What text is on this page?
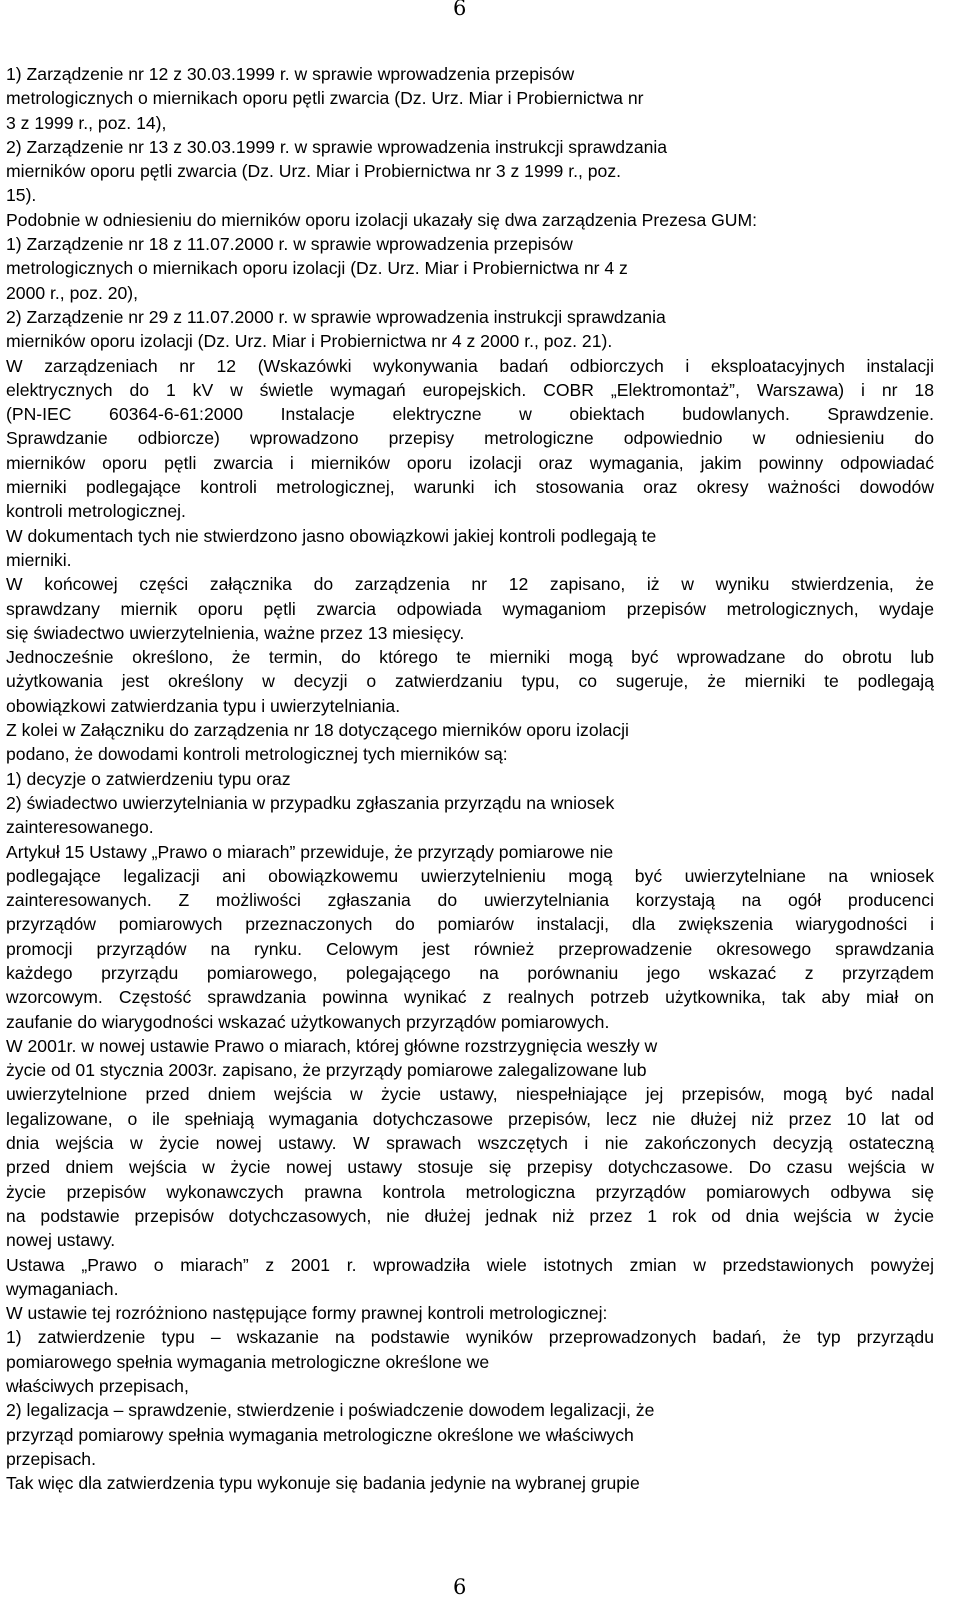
6
1) Zarządzenie nr 12 z 30.03.1999 r. w sprawie wprowadzenia przepisów
metrologicznych o miernikach oporu pętli zwarcia (Dz. Urz. Miar i Probiernictwa nr
3 z 1999 r., poz. 14),
2) Zarządzenie nr 13 z 30.03.1999 r. w sprawie wprowadzenia instrukcji sprawdzania
mierników oporu pętli zwarcia (Dz. Urz. Miar i Probiernictwa nr 3 z 1999 r., poz.
15).
Podobnie w odniesieniu do mierników oporu izolacji ukazały się dwa zarządzenia Prezesa GUM:
1) Zarządzenie nr 18 z 11.07.2000 r. w sprawie wprowadzenia przepisów
metrologicznych o miernikach oporu izolacji (Dz. Urz. Miar i Probiernictwa nr 4 z
2000 r., poz. 20),
2) Zarządzenie nr 29 z 11.07.2000 r. w sprawie wprowadzenia instrukcji sprawdzania
mierników oporu izolacji (Dz. Urz. Miar i Probiernictwa nr 4 z 2000 r., poz. 21).
W zarządzeniach nr 12 (Wskazówki wykonywania badań odbiorczych i eksploatacyjnych instalacji
elektrycznych do 1 kV w świetle wymagań europejskich. COBR „Elektromontaż”, Warszawa) i nr 18
(PN-IEC 60364-6-61:2000 Instalacje elektryczne w obiektach budowlanych. Sprawdzenie.
Sprawdzanie odbiorcze) wprowadzono przepisy metrologiczne odpowiednio w odniesieniu do
mierników oporu pętli zwarcia i mierników oporu izolacji oraz wymagania, jakim powinny odpowiadać
mierniki podlegające kontroli metrologicznej, warunki ich stosowania oraz okresy ważności dowodów
kontroli metrologicznej.
W dokumentach tych nie stwierdzono jasno obowiązkowi jakiej kontroli podlegają te
mierniki.
W końcowej części załącznika do zarządzenia nr 12 zapisano, iż w wyniku stwierdzenia, że
sprawdzany miernik oporu pętli zwarcia odpowiada wymaganiom przepisów metrologicznych, wydaje
się świadectwo uwierzytelnienia, ważne przez 13 miesięcy.
Jednocześnie określono, że termin, do którego te mierniki mogą być wprowadzane do obrotu lub
użytkowania jest określony w decyzji o zatwierdzaniu typu, co sugeruje, że mierniki te podlegają
obowiązkowi zatwierdzania typu i uwierzytelniania.
Z kolei w Załączniku do zarządzenia nr 18 dotyczącego mierników oporu izolacji
podano, że dowodami kontroli metrologicznej tych mierników są:
1) decyzje o zatwierdzeniu typu oraz
2) świadectwo uwierzytelniania w przypadku zgłaszania przyrządu na wniosek
zainteresowanego.
Artykuł 15 Ustawy „Prawo o miarach” przewiduje, że przyrządy pomiarowe nie
podlegające legalizacji ani obowiązkowemu uwierzytelnieniu mogą być uwierzytelniane na wniosek
zainteresowanych. Z możliwości zgłaszania do uwierzytelniania korzystają na ogół producenci
przyrządów pomiarowych przeznaczonych do pomiarów instalacji, dla zwiększenia wiarygodności i
promocji przyrządów na rynku. Celowym jest również przeprowadzenie okresowego sprawdzania
każdego przyrządu pomiarowego, polegającego na porównaniu jego wskazać z przyrządem
wzorcowym. Częstość sprawdzania powinna wynikać z realnych potrzeb użytkownika, tak aby miał on
zaufanie do wiarygodności wskazać użytkowanych przyrządów pomiarowych.
W 2001r. w nowej ustawie Prawo o miarach, której główne rozstrzygnięcia weszły w
życie od 01 stycznia 2003r. zapisano, że przyrządy pomiarowe zalegalizowane lub
uwierzytelnione przed dniem wejścia w życie ustawy, niespełniające jej przepisów, mogą być nadal
legalizowane, o ile spełniają wymagania dotychczasowe przepisów, lecz nie dłużej niż przez 10 lat od
dnia wejścia w życie nowej ustawy. W sprawach wszczętych i nie zakończonych decyzją ostateczną
przed dniem wejścia w życie nowej ustawy stosuje się przepisy dotychczasowe. Do czasu wejścia w
życie przepisów wykonawczych prawna kontrola metrologiczna przyrządów pomiarowych odbywa się
na podstawie przepisów dotychczasowych, nie dłużej jednak niż przez 1 rok od dnia wejścia w życie
nowej ustawy.
Ustawa „Prawo o miarach” z 2001 r. wprowadziła wiele istotnych zmian w przedstawionych powyżej
wymaganiach.
W ustawie tej rozróżniono następujące formy prawnej kontroli metrologicznej:
1) zatwierdzenie typu – wskazanie na podstawie wyników przeprowadzonych badań, że typ przyrządu
pomiarowego spełnia wymagania metrologiczne określone we
właściwych przepisach,
2) legalizacja – sprawdzenie, stwierdzenie i poświadczenie dowodem legalizacji, że
przyrząd pomiarowy spełnia wymagania metrologiczne określone we właściwych
przepisach.
Tak więc dla zatwierdzenia typu wykonuje się badania jedynie na wybranej grupie
6
